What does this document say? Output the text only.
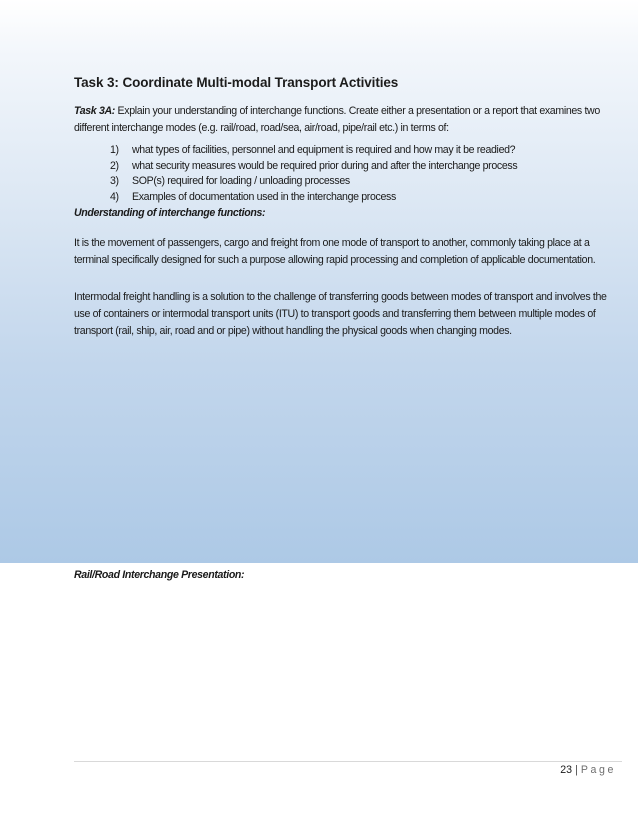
Task 3: Coordinate Multi-modal Transport Activities

Task 3A: Explain your understanding of interchange functions. Create either a presentation or a report that examines two different interchange modes (e.g. rail/road, road/sea, air/road, pipe/rail etc.) in terms of:

1) what types of facilities, personnel and equipment is required and how may it be readied?
2) what security measures would be required prior during and after the interchange process
3) SOP(s) required for loading / unloading processes
4) Examples of documentation used in the interchange process
Understanding of interchange functions:

It is the movement of passengers, cargo and freight from one mode of transport to another, commonly taking place at a terminal specifically designed for such a purpose allowing rapid processing and completion of applicable documentation.

Intermodal freight handling is a solution to the challenge of transferring goods between modes of transport and involves the use of containers or intermodal transport units (ITU) to transport goods and transferring them between multiple modes of transport (rail, ship, air, road and or pipe) without handling the physical goods when changing modes.

Rail/Road Interchange Presentation:
23 | Page
